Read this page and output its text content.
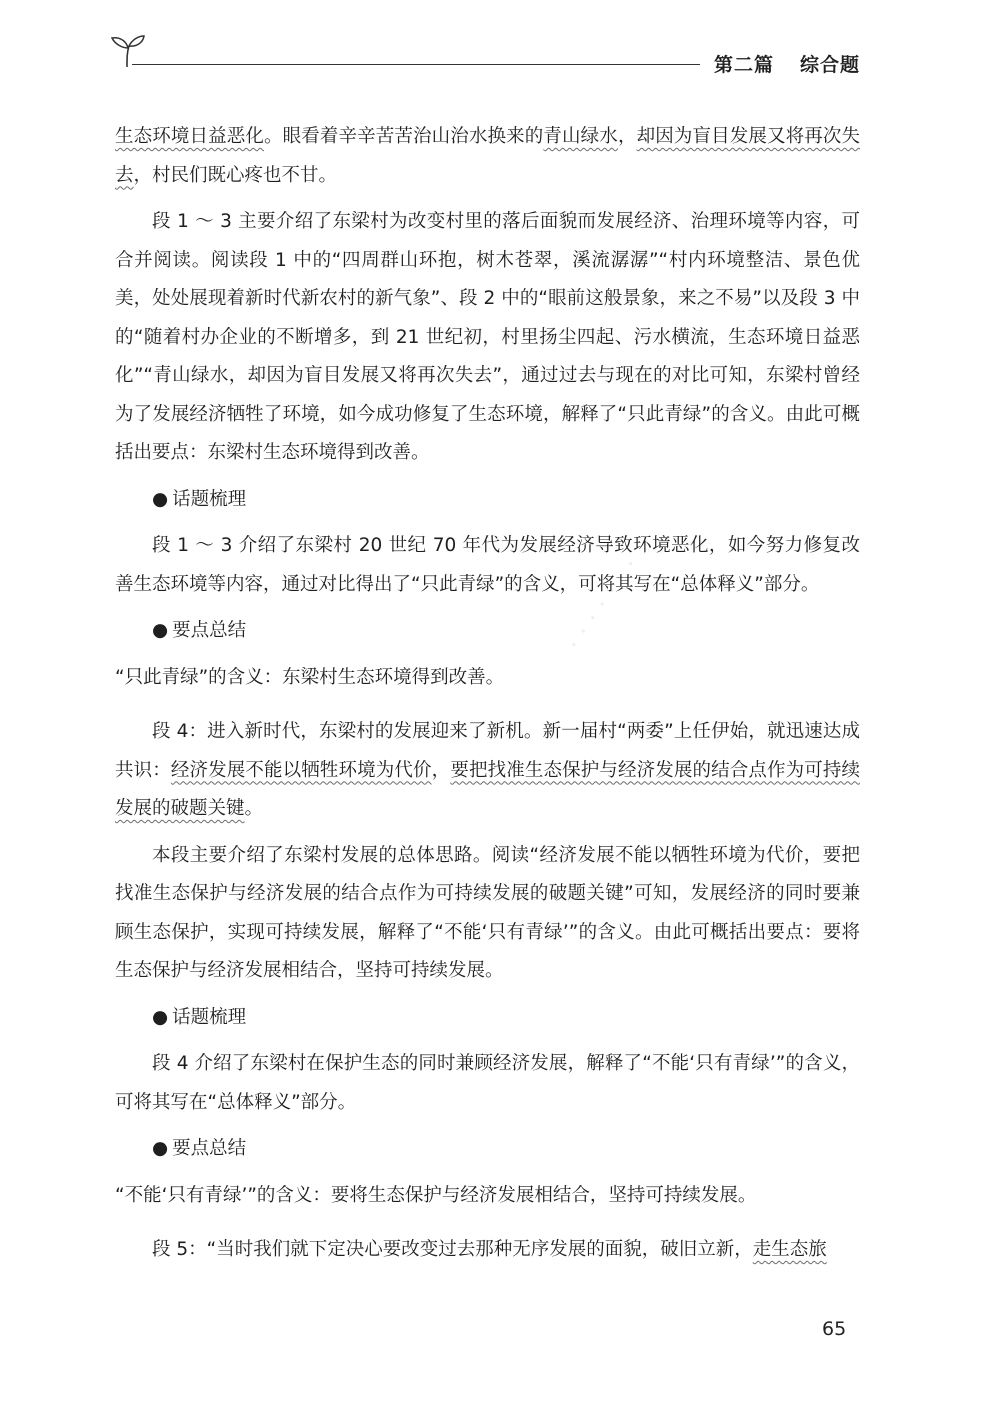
第二篇 综合题
· · · · · · ·

生态环境日益恶化。眼看着辛辛苦苦治山治水换来的青山绿水，却因为盲目发展又将再次失去，村民们既心疼也不甘。

段 1 ～ 3 主要介绍了东梁村为改变村里的落后面貌而发展经济、治理环境等内容，可合并阅读。阅读段 1 中的“四周群山环抱，树木苍翠，溪流潺潺”“村内环境整洁、景色优美，处处展现着新时代新农村的新气象”、段 2 中的“眼前这般景象，来之不易”以及段 3 中的“随着村办企业的不断增多，到 21 世纪初，村里扬尘四起、污水横流，生态环境日益恶化”“青山绿水，却因为盲目发展又将再次失去”，通过过去与现在的对比可知，东梁村曾经为了发展经济牺牲了环境，如今成功修复了生态环境，解释了“只此青绿”的含义。由此可概括出要点：东梁村生态环境得到改善。

● 话题梳理

段 1 ～ 3 介绍了东梁村 20 世纪 70 年代为发展经济导致环境恶化，如今努力修复改善生态环境等内容，通过对比得出了“只此青绿”的含义，可将其写在“总体释义”部分。

● 要点总结

“只此青绿”的含义：东梁村生态环境得到改善。

段 4：进入新时代，东梁村的发展迎来了新机。新一届村“两委”上任伊始，就迅速达成共识：经济发展不能以牺牲环境为代价，要把找准生态保护与经济发展的结合点作为可持续发展的破题关键。

本段主要介绍了东梁村发展的总体思路。阅读“经济发展不能以牺牲环境为代价，要把找准生态保护与经济发展的结合点作为可持续发展的破题关键”可知，发展经济的同时要兼顾生态保护，实现可持续发展，解释了“不能‘只有青绿’”的含义。由此可概括出要点：要将生态保护与经济发展相结合，坚持可持续发展。

● 话题梳理

段 4 介绍了东梁村在保护生态的同时兼顾经济发展，解释了“不能‘只有青绿’”的含义，可将其写在“总体释义”部分。

● 要点总结

“不能‘只有青绿’”的含义：要将生态保护与经济发展相结合，坚持可持续发展。

段 5：“当时我们就下定决心要改变过去那种无序发展的面貌，破旧立新，走生态旅

65
